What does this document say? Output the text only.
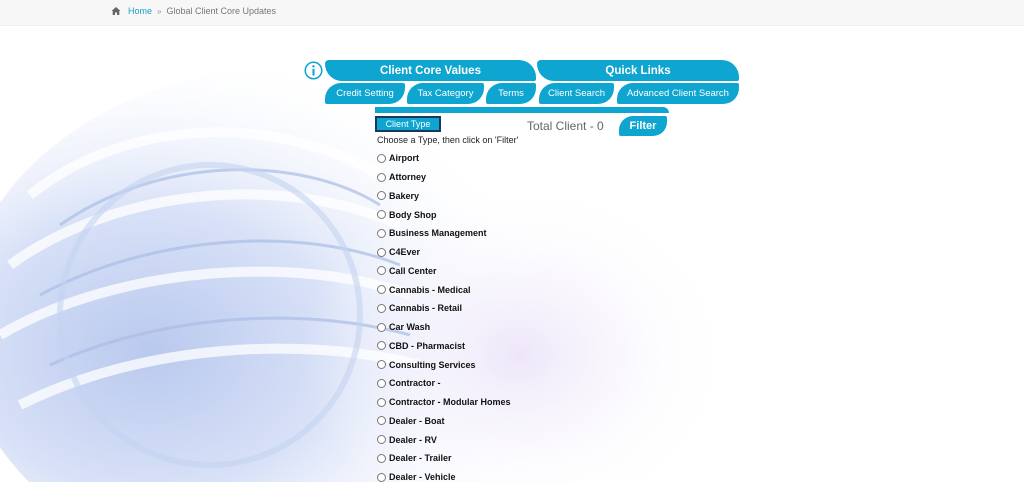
Home » Global Client Core Updates
Client Core Values	Quick Links
Credit Setting	Tax Category	Terms	Client Search	Advanced Client Search
Client Type	Total Client - 0	Filter
Choose a Type, then click on 'Filter'
Airport
Attorney
Bakery
Body Shop
Business Management
C4Ever
Call Center
Cannabis - Medical
Cannabis - Retail
Car Wash
CBD - Pharmacist
Consulting Services
Contractor -
Contractor - Modular Homes
Dealer - Boat
Dealer - RV
Dealer - Trailer
Dealer - Vehicle
